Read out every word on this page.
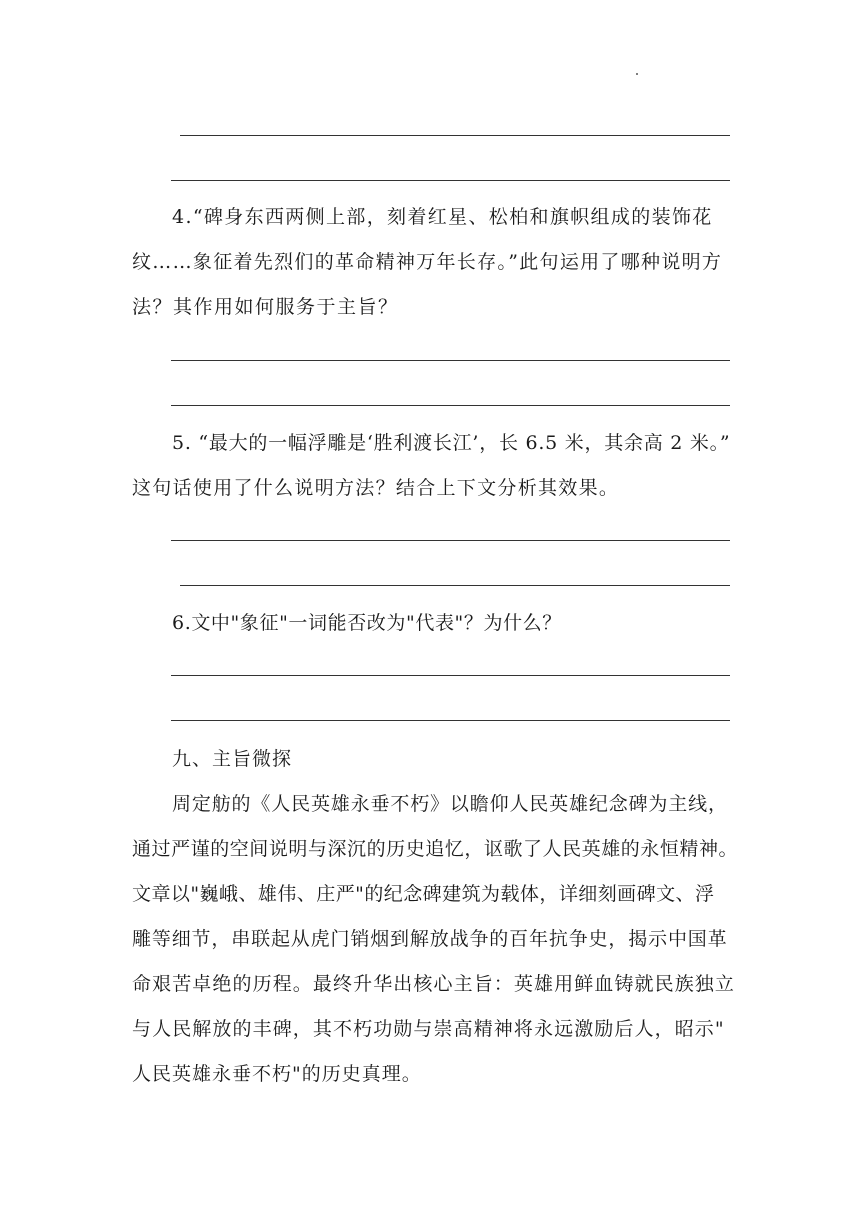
4.“碑身东西两侧上部，刻着红星、松柏和旗帜组成的装饰花
纹……象征着先烈们的革命精神万年长存。”此句运用了哪种说明方
法？其作用如何服务于主旨？
5. “最大的一幅浮雕是‘胜利渡长江’，长 6.5 米，其余高 2 米。”
这句话使用了什么说明方法？结合上下文分析其效果。
6.文中"象征"一词能否改为"代表"？为什么？
九、主旨微探
周定舫的《人民英雄永垂不朽》以瞻仰人民英雄纪念碑为主线，
通过严谨的空间说明与深沉的历史追忆，讴歌了人民英雄的永恒精神。
文章以"巍峨、雄伟、庄严"的纪念碑建筑为载体，详细刻画碑文、浮
雕等细节，串联起从虎门销烟到解放战争的百年抗争史，揭示中国革
命艰苦卓绝的历程。最终升华出核心主旨：英雄用鲜血铸就民族独立
与人民解放的丰碑，其不朽功勋与崇高精神将永远激励后人，昭示"
人民英雄永垂不朽"的历史真理。
